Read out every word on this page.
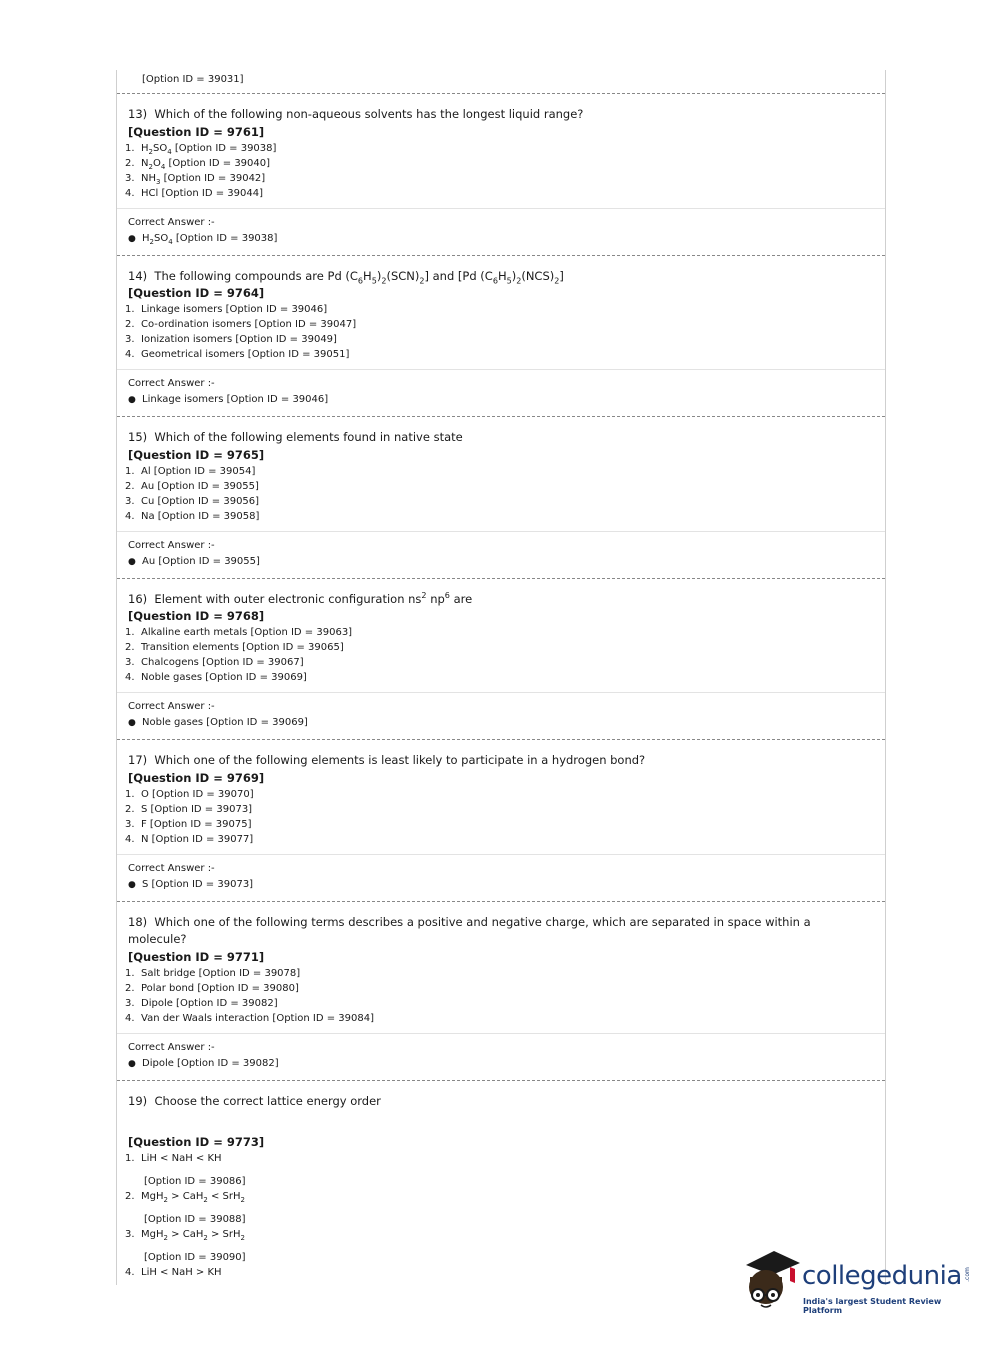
[Option ID = 39031]
13)  Which of the following non-aqueous solvents has the longest liquid range?
[Question ID = 9761]
1. $H_2SO_4$ [Option ID = 39038]
2. $N_2O_4$ [Option ID = 39040]
3. $NH_3$ [Option ID = 39042]
4. HCl [Option ID = 39044]
Correct Answer :-
● $H_2SO_4$ [Option ID = 39038]
14)  The following compounds are Pd $(C_6H_5)_2(SCN)_2$] and [Pd $(C_6H_5)_2(NCS)_2$]
[Question ID = 9764]
1. Linkage isomers [Option ID = 39046]
2. Co-ordination isomers [Option ID = 39047]
3. Ionization isomers [Option ID = 39049]
4. Geometrical isomers [Option ID = 39051]
Correct Answer :-
● Linkage isomers [Option ID = 39046]
15)  Which of the following elements found in native state
[Question ID = 9765]
1. Al [Option ID = 39054]
2. Au [Option ID = 39055]
3. Cu [Option ID = 39056]
4. Na [Option ID = 39058]
Correct Answer :-
● Au [Option ID = 39055]
16)  Element with outer electronic configuration $ns^2$ $np^6$ are
[Question ID = 9768]
1. Alkaline earth metals [Option ID = 39063]
2. Transition elements [Option ID = 39065]
3. Chalcogens [Option ID = 39067]
4. Noble gases [Option ID = 39069]
Correct Answer :-
● Noble gases [Option ID = 39069]
17)  Which one of the following elements is least likely to participate in a hydrogen bond?
[Question ID = 9769]
1. O [Option ID = 39070]
2. S [Option ID = 39073]
3. F [Option ID = 39075]
4. N [Option ID = 39077]
Correct Answer :-
● S [Option ID = 39073]
18)  Which one of the following terms describes a positive and negative charge, which are separated in space within a molecule?
[Question ID = 9771]
1. Salt bridge [Option ID = 39078]
2. Polar bond [Option ID = 39080]
3. Dipole [Option ID = 39082]
4. Van der Waals interaction [Option ID = 39084]
Correct Answer :-
● Dipole [Option ID = 39082]
19) Choose the correct lattice energy order
[Question ID = 9773]
1. LiH < NaH < KH
[Option ID = 39086]
2. MgH$_2$ > CaH$_2$ < SrH$_2$
[Option ID = 39088]
3. MgH$_2$ > CaH$_2$ > SrH$_2$
[Option ID = 39090]
4. LiH < NaH > KH	collegedunia .com
India's largest Student Review Platform
